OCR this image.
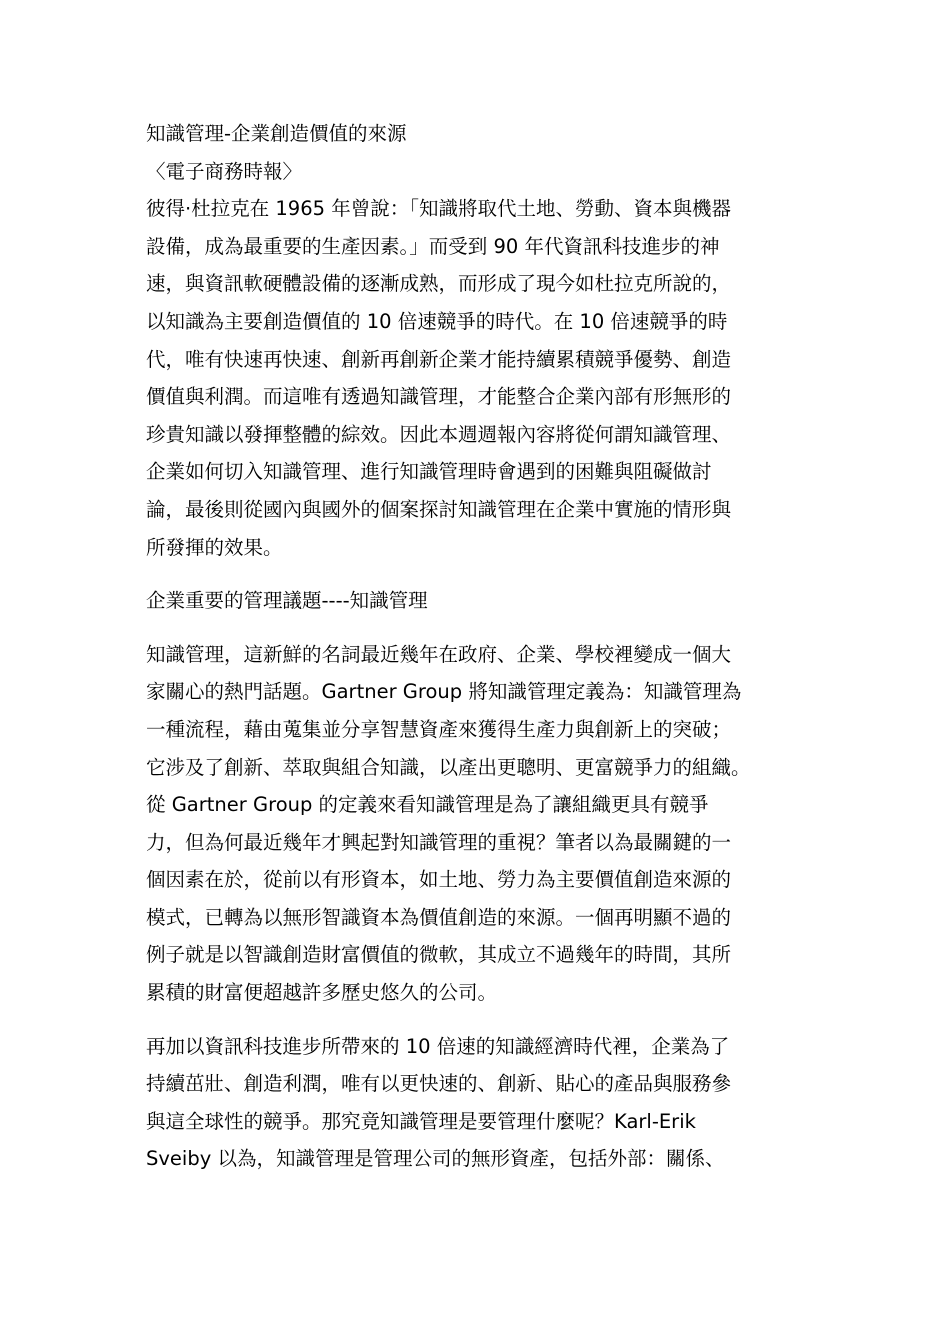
知識管理-企業創造價值的來源
〈電子商務時報〉
彼得·杜拉克在 1965 年曾說：「知識將取代土地、勞動、資本與機器
設備，成為最重要的生產因素。」而受到 90 年代資訊科技進步的神
速，與資訊軟硬體設備的逐漸成熟，而形成了現今如杜拉克所說的，
以知識為主要創造價值的 10 倍速競爭的時代。在 10 倍速競爭的時
代，唯有快速再快速、創新再創新企業才能持續累積競爭優勢、創造
價值與利潤。而這唯有透過知識管理，才能整合企業內部有形無形的
珍貴知識以發揮整體的綜效。因此本週週報內容將從何謂知識管理、
企業如何切入知識管理、進行知識管理時會遇到的困難與阻礙做討
論，最後則從國內與國外的個案探討知識管理在企業中實施的情形與
所發揮的效果。
企業重要的管理議題----知識管理
知識管理，這新鮮的名詞最近幾年在政府、企業、學校裡變成一個大
家關心的熱門話題。Gartner Group 將知識管理定義為：知識管理為
一種流程，藉由蒐集並分享智慧資產來獲得生產力與創新上的突破；
它涉及了創新、萃取與組合知識，以產出更聰明、更富競爭力的組織。
從 Gartner Group 的定義來看知識管理是為了讓組織更具有競爭
力，但為何最近幾年才興起對知識管理的重視？筆者以為最關鍵的一
個因素在於，從前以有形資本，如土地、勞力為主要價值創造來源的
模式，已轉為以無形智識資本為價值創造的來源。一個再明顯不過的
例子就是以智識創造財富價值的微軟，其成立不過幾年的時間，其所
累積的財富便超越許多歷史悠久的公司。
再加以資訊科技進步所帶來的 10 倍速的知識經濟時代裡，企業為了
持續茁壯、創造利潤，唯有以更快速的、創新、貼心的產品與服務參
與這全球性的競爭。那究竟知識管理是要管理什麼呢？Karl-Erik
Sveiby 以為，知識管理是管理公司的無形資產，包括外部：關係、
